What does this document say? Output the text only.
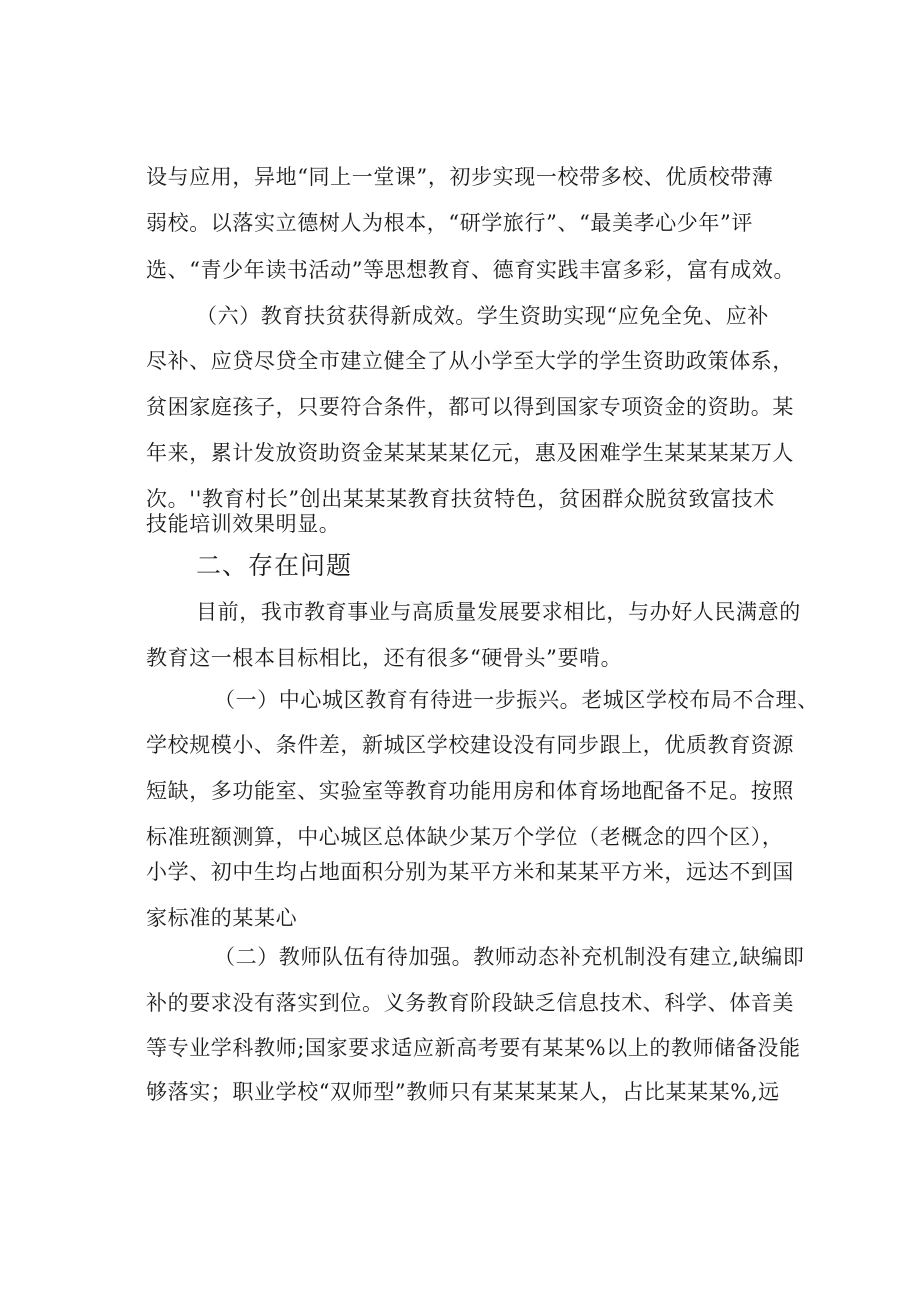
设与应用，异地“同上一堂课”，初步实现一校带多校、优质校带薄
弱校。以落实立德树人为根本，“研学旅行”、“最美孝心少年”评
选、“青少年读书活动”等思想教育、德育实践丰富多彩，富有成效。
（六）教育扶贫获得新成效。学生资助实现“应免全免、应补
尽补、应贷尽贷全市建立健全了从小学至大学的学生资助政策体系，
贫困家庭孩子，只要符合条件，都可以得到国家专项资金的资助。某
年来，累计发放资助资金某某某某亿元，惠及困难学生某某某某万人
次。''教育村长”创出某某某教育扶贫特色，贫困群众脱贫致富技术
技能培训效果明显。
二、存在问题
目前，我市教育事业与高质量发展要求相比，与办好人民满意的
教育这一根本目标相比，还有很多“硬骨头”要啃。
（一）中心城区教育有待进一步振兴。老城区学校布局不合理、
学校规模小、条件差，新城区学校建设没有同步跟上，优质教育资源
短缺，多功能室、实验室等教育功能用房和体育场地配备不足。按照
标准班额测算，中心城区总体缺少某万个学位（老概念的四个区），
小学、初中生均占地面积分别为某平方米和某某平方米，远达不到国
家标准的某某心
（二）教师队伍有待加强。教师动态补充机制没有建立,缺编即
补的要求没有落实到位。义务教育阶段缺乏信息技术、科学、体音美
等专业学科教师;国家要求适应新高考要有某某%以上的教师储备没能
够落实；职业学校“双师型”教师只有某某某某人，占比某某某%,远
